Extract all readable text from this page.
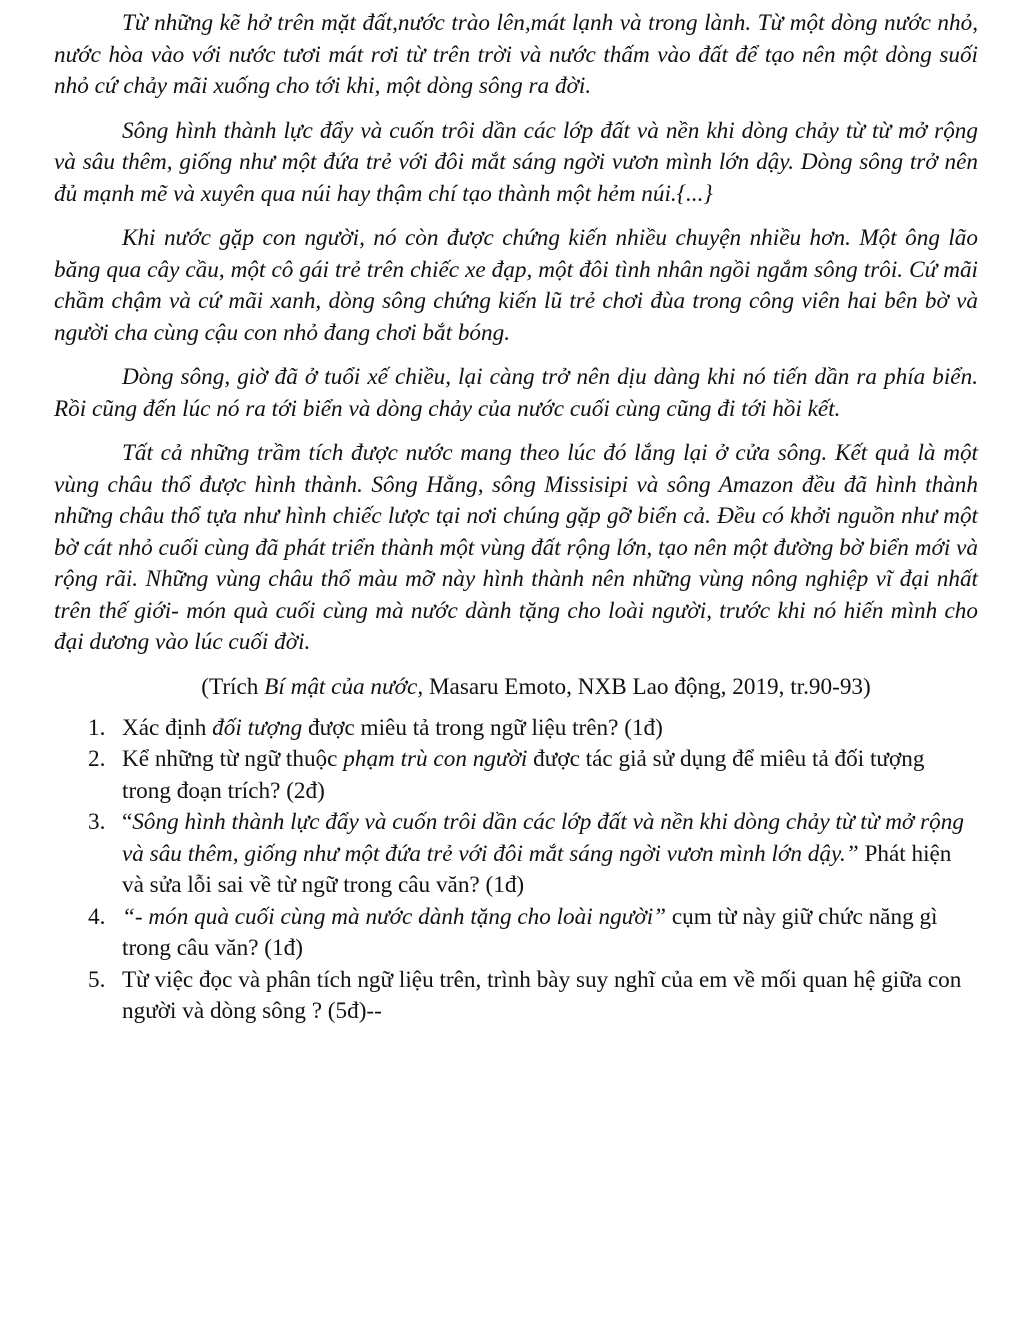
Từ những kẽ hở trên mặt đất,nước trào lên,mát lạnh và trong lành. Từ một dòng nước nhỏ, nước hòa vào với nước tươi mát rơi từ trên trời và nước thấm vào đất để tạo nên một dòng suối nhỏ cứ chảy mãi xuống cho tới khi, một dòng sông ra đời.

Sông hình thành lực đẩy và cuốn trôi dần các lớp đất và nền khi dòng chảy từ từ mở rộng và sâu thêm, giống như một đứa trẻ với đôi mắt sáng ngời vươn mình lớn dậy. Dòng sông trở nên đủ mạnh mẽ và xuyên qua núi hay thậm chí tạo thành một hẻm núi.{...}

Khi nước gặp con người, nó còn được chứng kiến nhiều chuyện nhiều hơn. Một ông lão băng qua cây cầu, một cô gái trẻ trên chiếc xe đạp, một đôi tình nhân ngồi ngắm sông trôi. Cứ mãi chầm chậm và cứ mãi xanh, dòng sông chứng kiến lũ trẻ chơi đùa trong công viên hai bên bờ và người cha cùng cậu con nhỏ đang chơi bắt bóng.

Dòng sông, giờ đã ở tuổi xế chiều, lại càng trở nên dịu dàng khi nó tiến dần ra phía biển. Rồi cũng đến lúc nó ra tới biển và dòng chảy của nước cuối cùng cũng đi tới hồi kết.

Tất cả những trầm tích được nước mang theo lúc đó lắng lại ở cửa sông. Kết quả là một vùng châu thổ được hình thành. Sông Hằng, sông Missisipi và sông Amazon đều đã hình thành những châu thổ tựa như hình chiếc lược tại nơi chúng gặp gỡ biển cả. Đều có khởi nguồn như một bờ cát nhỏ cuối cùng đã phát triển thành một vùng đất rộng lớn, tạo nên một đường bờ biển mới và rộng rãi. Những vùng châu thổ màu mỡ này hình thành nên những vùng nông nghiệp vĩ đại nhất trên thế giới- món quà cuối cùng mà nước dành tặng cho loài người, trước khi nó hiến mình cho đại dương vào lúc cuối đời.

(Trích Bí mật của nước, Masaru Emoto, NXB Lao động, 2019, tr.90-93)
1. Xác định đối tượng được miêu tả trong ngữ liệu trên? (1đ)
2. Kể những từ ngữ thuộc phạm trù con người được tác giả sử dụng để miêu tả đối tượng trong đoạn trích? (2đ)
3. “Sông hình thành lực đẩy và cuốn trôi dần các lớp đất và nền khi dòng chảy từ từ mở rộng và sâu thêm, giống như một đứa trẻ với đôi mắt sáng ngời vươn mình lớn dậy.” Phát hiện và sửa lỗi sai về từ ngữ trong câu văn? (1đ)
4. “- món quà cuối cùng mà nước dành tặng cho loài người” cụm từ này giữ chức năng gì trong câu văn? (1đ)
5. Từ việc đọc và phân tích ngữ liệu trên, trình bày suy nghĩ của em về mối quan hệ giữa con người và dòng sông ? (5đ)--
